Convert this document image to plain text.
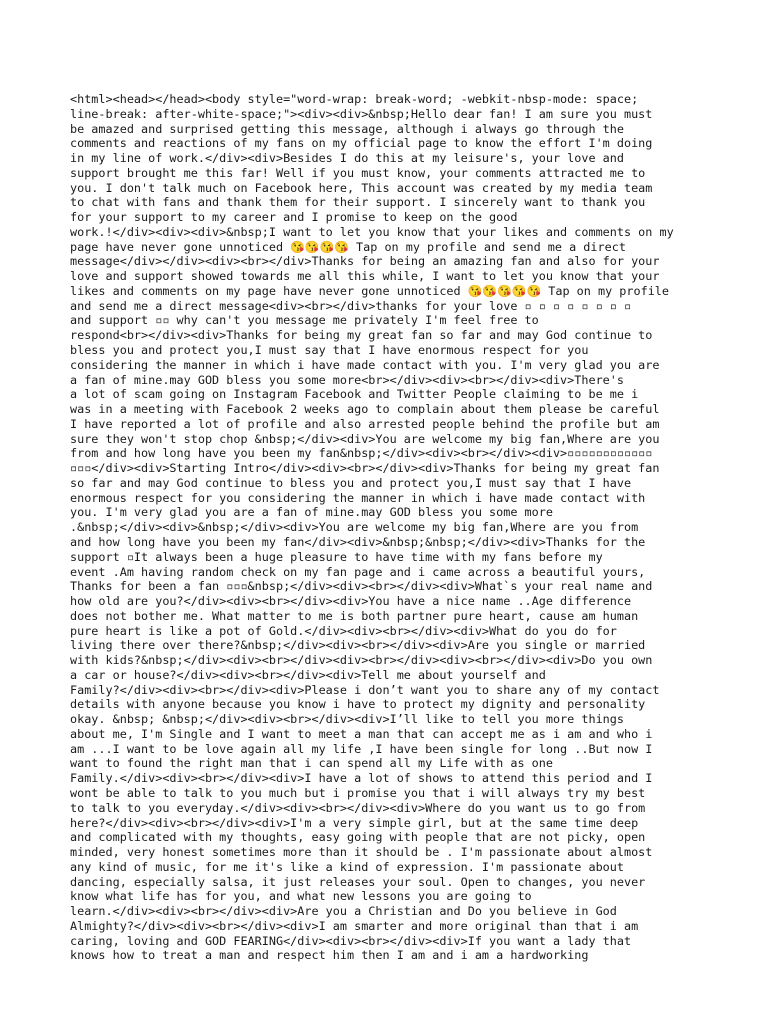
<html><head></head><body style="word-wrap: break-word; -webkit-nbsp-mode: space;
line-break: after-white-space;"><div><div>&nbsp;Hello dear fan! I am sure you must
be amazed and surprised getting this message, although i always go through the
comments and reactions of my fans on my official page to know the effort I'm doing
in my line of work.</div><div>Besides I do this at my leisure's, your love and
support brought me this far! Well if you must know, your comments attracted me to
you. I don't talk much on Facebook here, This account was created by my media team
to chat with fans and thank them for their support. I sincerely want to thank you
for your support to my career and I promise to keep on the good
work.!</div><div><div>&nbsp;I want to let you know that your likes and comments on my
page have never gone unnoticed 😘😘😘😘 Tap on my profile and send me a direct
message</div></div><div><br></div>Thanks for being an amazing fan and also for your
love and support showed towards me all this while, I want to let you know that your
likes and comments on my page have never gone unnoticed 😘😘😘😘😘 Tap on my profile
and send me a direct message<div><br></div>thanks for your love ▫ ▫ ▫ ▫ ▫ ▫ ▫ ▫
and support ▫▫ why can't you message me privately I'm feel free to
respond<br></div><div>Thanks for being my great fan so far and may God continue to
bless you and protect you,I must say that I have enormous respect for you
considering the manner in which i have made contact with you. I'm very glad you are
a fan of mine.may GOD bless you some more<br></div><div><br></div><div>There's
a lot of scam going on Instagram Facebook and Twitter People claiming to be me i
was in a meeting with Facebook 2 weeks ago to complain about them please be careful
I have reported a lot of profile and also arrested people behind the profile but am
sure they won't stop chop &nbsp;</div><div>You are welcome my big fan,Where are you
from and how long have you been my fan&nbsp;</div><div><br></div><div>▫▫▫▫▫▫▫▫▫▫▫▫
▫▫▫</div><div>Starting Intro</div><div><br></div><div>Thanks for being my great fan
so far and may God continue to bless you and protect you,I must say that I have
enormous respect for you considering the manner in which i have made contact with
you. I'm very glad you are a fan of mine.may GOD bless you some more
.&nbsp;</div><div>&nbsp;</div><div>You are welcome my big fan,Where are you from
and how long have you been my fan</div><div>&nbsp;&nbsp;</div><div>Thanks for the
support ▫It always been a huge pleasure to have time with my fans before my
event .Am having random check on my fan page and i came across a beautiful yours,
Thanks for been a fan ▫▫▫&nbsp;</div><div><br></div><div>What`s your real name and
how old are you?</div><div><br></div><div>You have a nice name ..Age difference
does not bother me. What matter to me is both partner pure heart, cause am human
pure heart is like a pot of Gold.</div><div><br></div><div>What do you do for
living there over there?&nbsp;</div><div><br></div><div>Are you single or married
with kids?&nbsp;</div><div><br></div><div><br></div><div><br></div><div>Do you own
a car or house?</div><div><br></div><div>Tell me about yourself and
Family?</div><div><br></div><div>Please i don’t want you to share any of my contact
details with anyone because you know i have to protect my dignity and personality
okay. &nbsp; &nbsp;</div><div><br></div><div>I’ll like to tell you more things
about me, I'm Single and I want to meet a man that can accept me as i am and who i
am ...I want to be love again all my life ,I have been single for long ..But now I
want to found the right man that i can spend all my Life with as one
Family.</div><div><br></div><div>I have a lot of shows to attend this period and I
wont be able to talk to you much but i promise you that i will always try my best
to talk to you everyday.</div><div><br></div><div>Where do you want us to go from
here?</div><div><br></div><div>I'm a very simple girl, but at the same time deep
and complicated with my thoughts, easy going with people that are not picky, open
minded, very honest sometimes more than it should be . I'm passionate about almost
any kind of music, for me it's like a kind of expression. I'm passionate about
dancing, especially salsa, it just releases your soul. Open to changes, you never
know what life has for you, and what new lessons you are going to
learn.</div><div><br></div><div>Are you a Christian and Do you believe in God
Almighty?</div><div><br></div><div>I am smarter and more original than that i am
caring, loving and GOD FEARING</div><div><br></div><div>If you want a lady that
knows how to treat a man and respect him then I am and i am a hardworking
